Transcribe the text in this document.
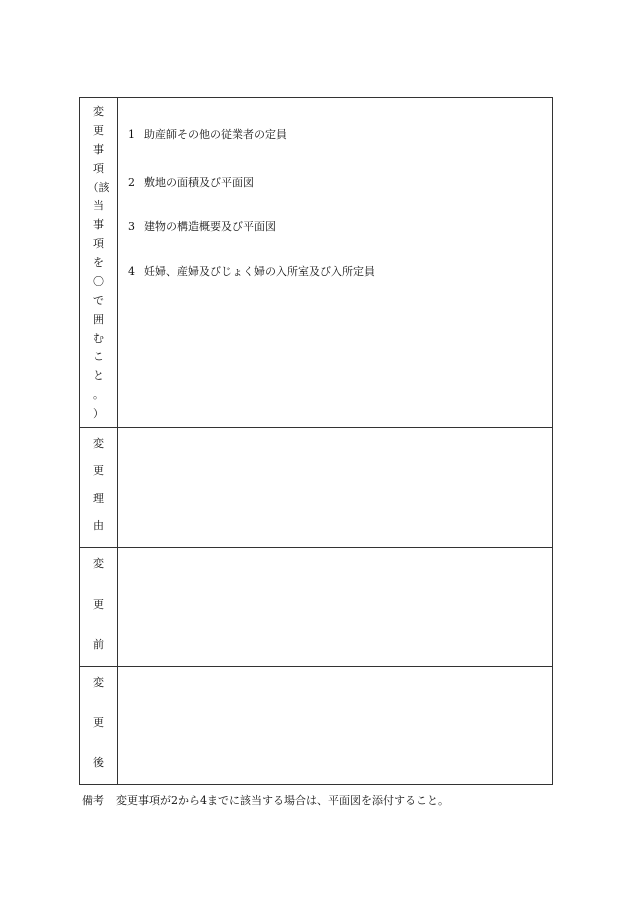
変
更
事
項
（該
当
事
項
を
〇
で
囲
む
こ
と
。
）
1 助産師その他の従業者の定員
2 敷地の面積及び平面図
3 建物の構造概要及び平面図
4 妊婦、産婦及びじょく婦の入所室及び入所定員
変
更
理
由
変
更
前
変
更
後
備考 変更事項が2から4までに該当する場合は、平面図を添付すること。
